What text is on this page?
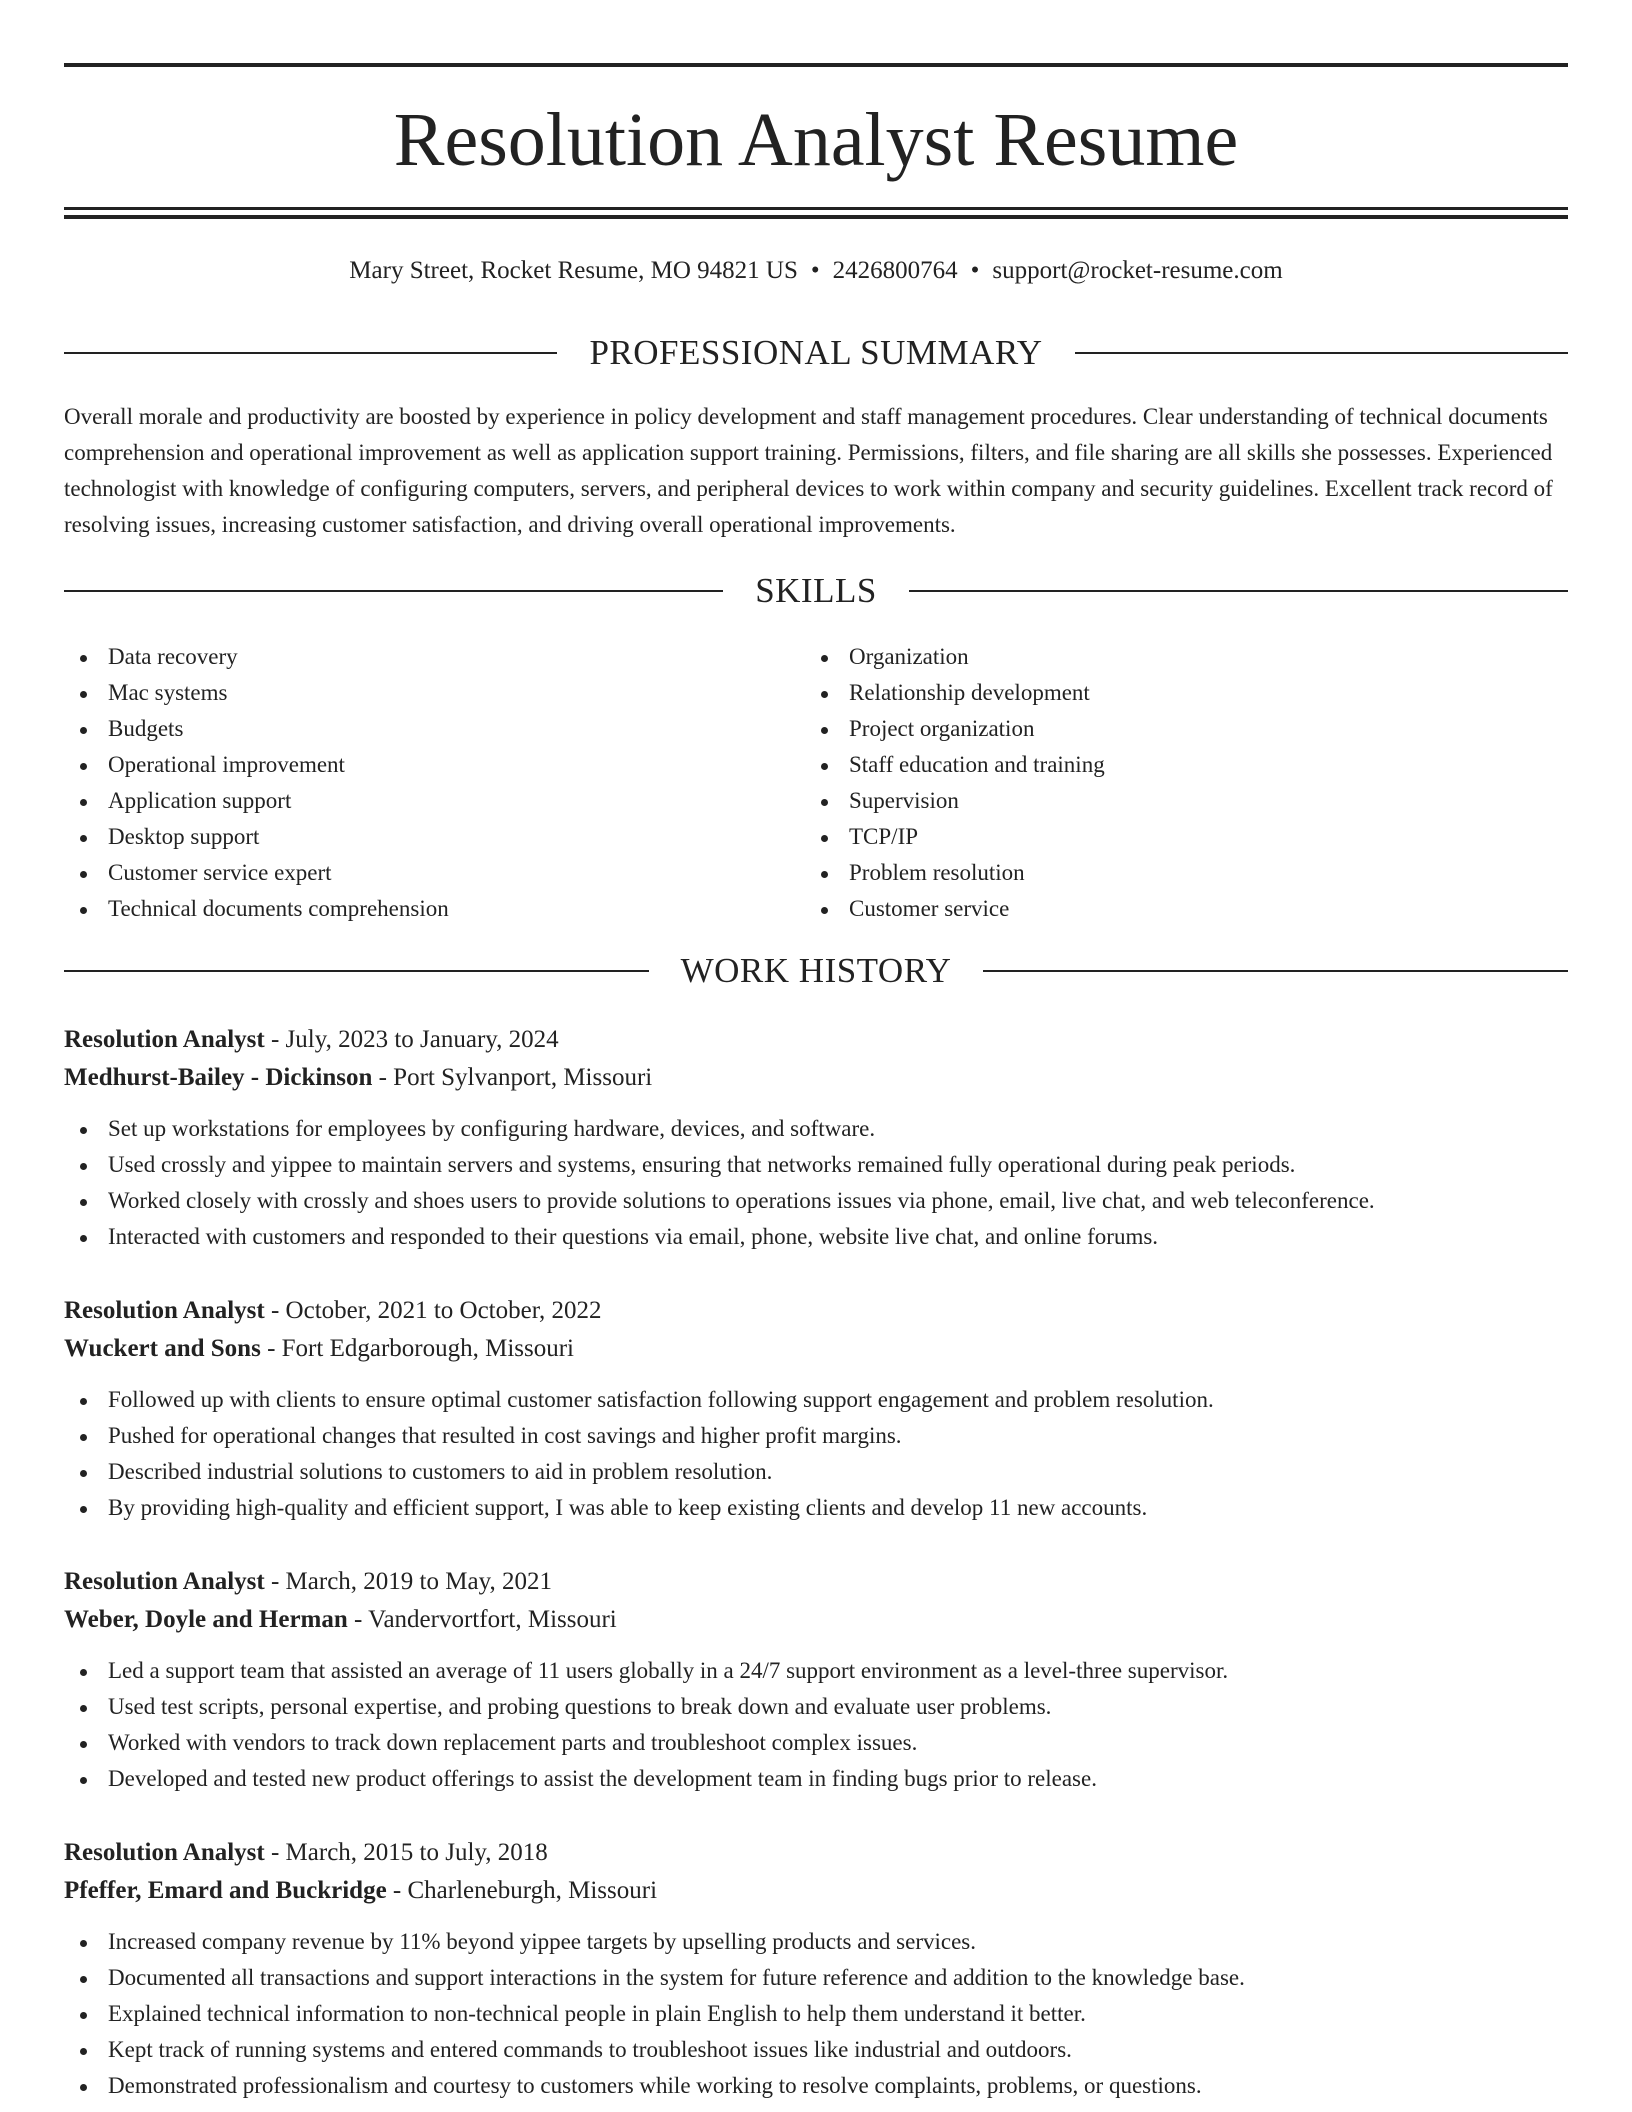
Resolution Analyst Resume
Mary Street, Rocket Resume, MO 94821 US • 2426800764 • support@rocket-resume.com
PROFESSIONAL SUMMARY

Overall morale and productivity are boosted by experience in policy development and staff management procedures. Clear understanding of technical documents comprehension and operational improvement as well as application support training. Permissions, filters, and file sharing are all skills she possesses. Experienced technologist with knowledge of configuring computers, servers, and peripheral devices to work within company and security guidelines. Excellent track record of resolving issues, increasing customer satisfaction, and driving overall operational improvements.

SKILLS
Data recovery
Mac systems
Budgets
Operational improvement
Application support
Desktop support
Customer service expert
Technical documents comprehension
Organization
Relationship development
Project organization
Staff education and training
Supervision
TCP/IP
Problem resolution
Customer service
WORK HISTORY
Resolution Analyst - July, 2023 to January, 2024
Medhurst-Bailey - Dickinson - Port Sylvanport, Missouri
Set up workstations for employees by configuring hardware, devices, and software.
Used crossly and yippee to maintain servers and systems, ensuring that networks remained fully operational during peak periods.
Worked closely with crossly and shoes users to provide solutions to operations issues via phone, email, live chat, and web teleconference.
Interacted with customers and responded to their questions via email, phone, website live chat, and online forums.
Resolution Analyst - October, 2021 to October, 2022
Wuckert and Sons - Fort Edgarborough, Missouri
Followed up with clients to ensure optimal customer satisfaction following support engagement and problem resolution.
Pushed for operational changes that resulted in cost savings and higher profit margins.
Described industrial solutions to customers to aid in problem resolution.
By providing high-quality and efficient support, I was able to keep existing clients and develop 11 new accounts.
Resolution Analyst - March, 2019 to May, 2021
Weber, Doyle and Herman - Vandervortfort, Missouri
Led a support team that assisted an average of 11 users globally in a 24/7 support environment as a level-three supervisor.
Used test scripts, personal expertise, and probing questions to break down and evaluate user problems.
Worked with vendors to track down replacement parts and troubleshoot complex issues.
Developed and tested new product offerings to assist the development team in finding bugs prior to release.
Resolution Analyst - March, 2015 to July, 2018
Pfeffer, Emard and Buckridge - Charleneburgh, Missouri
Increased company revenue by 11% beyond yippee targets by upselling products and services.
Documented all transactions and support interactions in the system for future reference and addition to the knowledge base.
Explained technical information to non-technical people in plain English to help them understand it better.
Kept track of running systems and entered commands to troubleshoot issues like industrial and outdoors.
Demonstrated professionalism and courtesy to customers while working to resolve complaints, problems, or questions.
